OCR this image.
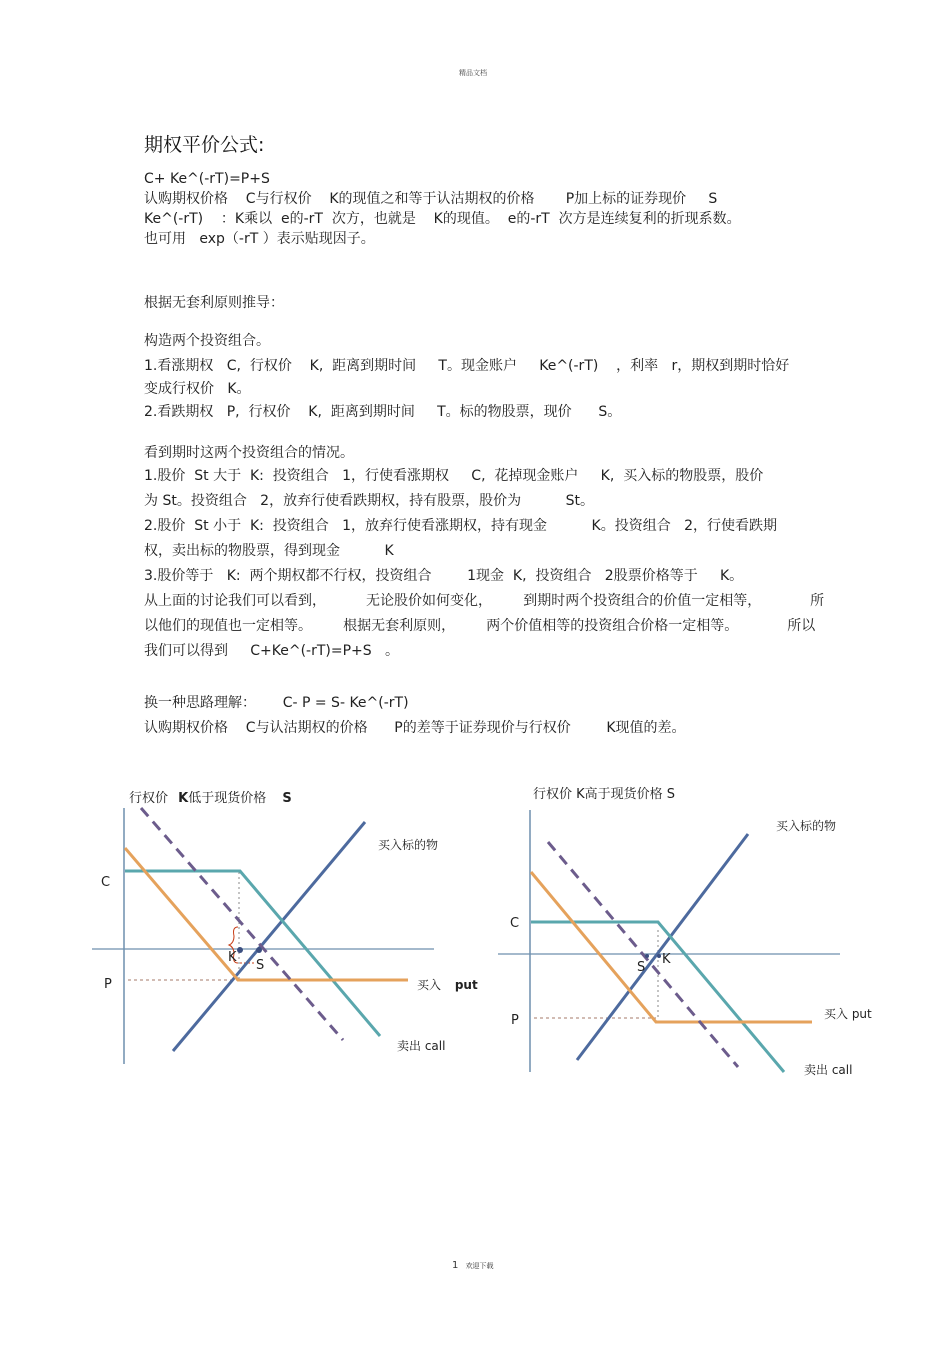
精品文档
期权平价公式:

C+ Ke^(-rT)=P+S

认购期权价格    C与行权价    K的现值之和等于认沽期权的价格       P加上标的证券现价     S

Ke^(-rT)    ：K乘以  e的-rT  次方，也就是    K的现值。  e的-rT  次方是连续复利的折现系数。

也可用   exp（-rT ）表示贴现因子。

根据无套利原则推导：

构造两个投资组合。

1.看涨期权   C,  行权价    K,  距离到期时间     T。现金账户     Ke^(-rT)    ，利率   r，期权到期时恰好

变成行权价   K。

2.看跌期权   P,  行权价    K,  距离到期时间     T。标的物股票，现价      S。

看到期时这两个投资组合的情况。

1.股价  St 大于  K:  投资组合   1，行使看涨期权     C,  花掉现金账户     K,  买入标的物股票，股价

为 St。投资组合   2，放弃行使看跌期权，持有股票，股价为          St。

2.股价  St 小于  K:  投资组合   1，放弃行使看涨期权，持有现金          K。投资组合   2，行使看跌期

权，卖出标的物股票，得到现金          K

3.股价等于   K:  两个期权都不行权，投资组合        1现金  K,  投资组合   2股票价格等于     K。

从上面的讨论我们可以看到，         无论股价如何变化，       到期时两个投资组合的价值一定相等，           所

以他们的现值也一定相等。       根据无套利原则，       两个价值相等的投资组合价格一定相等。           所以

我们可以得到     C+Ke^(-rT)=P+S   。

换一种思路理解：      C- P = S- Ke^(-rT)

认购期权价格    C与认沽期权的价格      P的差等于证券现价与行权价        K现值的差。

行权价 K低于现货价格 S
C
P
K
S
买入标的物
买入 put
卖出 call
行权价 K高于现货价格 S
C
P
S
K
买入标的物
买入 put
卖出 call
1 欢迎下载
